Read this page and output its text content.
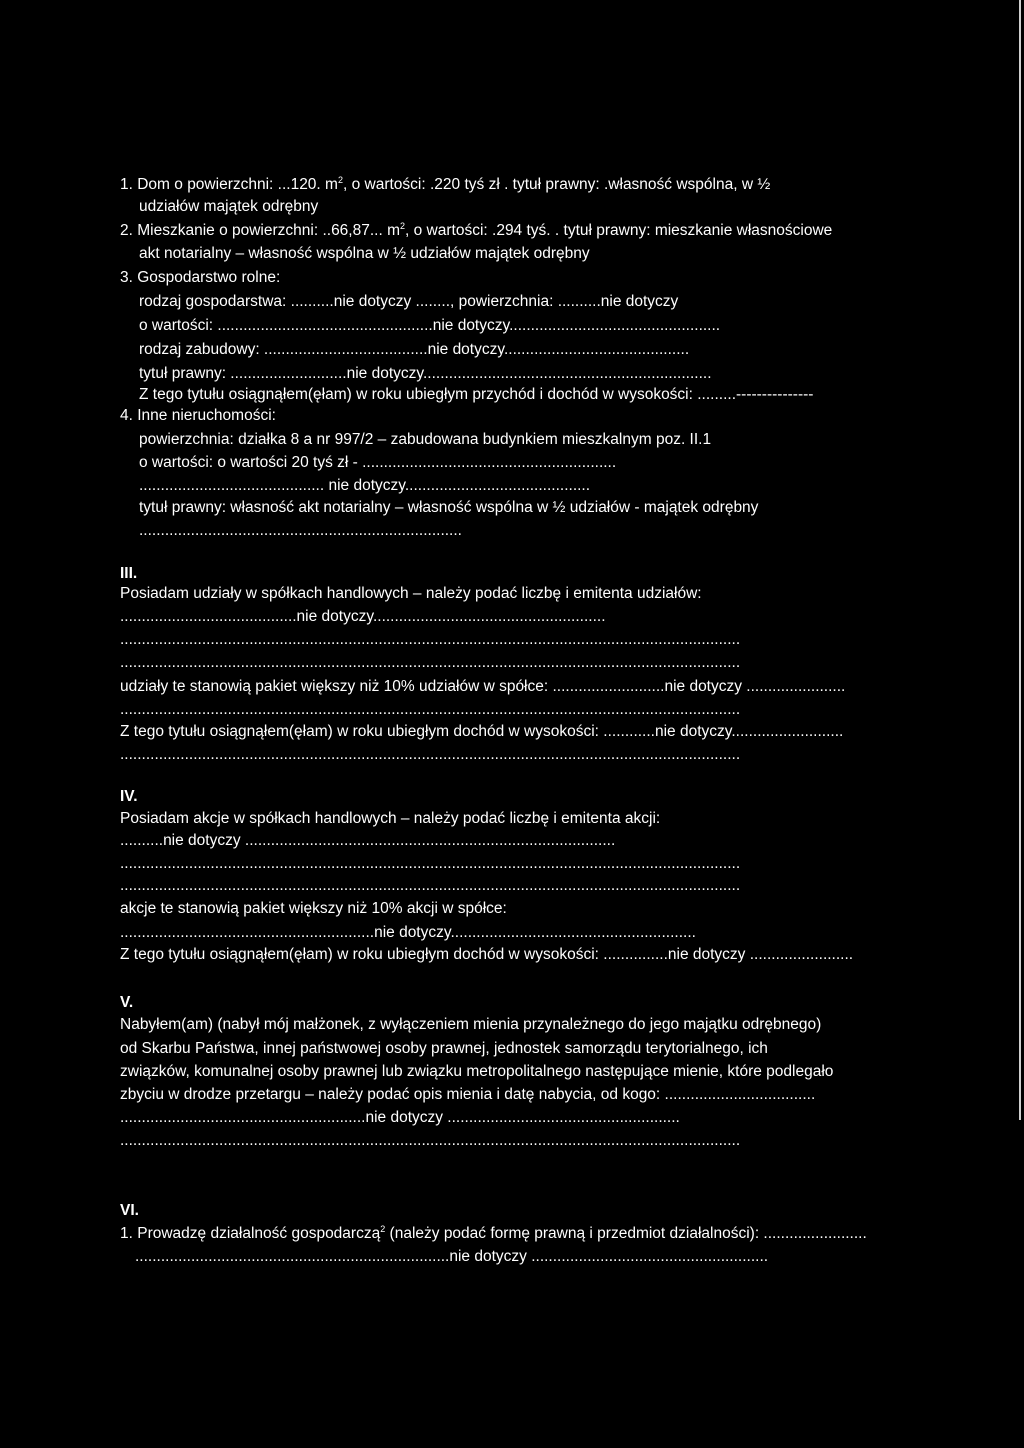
1. Dom o powierzchni: ...120. $m^2$, o wartości: .220 tyś zł . tytuł prawny: .własność wspólna, w ½
udziałów majątek odrębny
2. Mieszkanie o powierzchni: ..66,87... $m^2$, o wartości: .294 tyś. . tytuł prawny: mieszkanie własnościowe
akt notarialny – własność wspólna w ½ udziałów majątek odrębny
3. Gospodarstwo rolne:
rodzaj gospodarstwa: ..........nie dotyczy ........, powierzchnia: ..........nie dotyczy
o wartości: ..................................................nie dotyczy.................................................
rodzaj zabudowy: ......................................nie dotyczy...........................................
tytuł prawny: ...........................nie dotyczy...................................................................
Z tego tytułu osiągnąłem(ęłam) w roku ubiegłym przychód i dochód w wysokości: .........---------------
4. Inne nieruchomości:
powierzchnia: działka 8 a nr 997/2 – zabudowana budynkiem mieszkalnym poz. II.1
o wartości: o wartości 20 tyś zł - ...........................................................
........................................... nie dotyczy...........................................
tytuł prawny: własność akt notarialny – własność wspólna w ½ udziałów - majątek odrębny
...........................................................................
III.
Posiadam udziały w spółkach handlowych – należy podać liczbę i emitenta udziałów:
.........................................nie dotyczy......................................................
................................................................................................................................................
................................................................................................................................................
udziały te stanowią pakiet większy niż 10% udziałów w spółce: ..........................nie dotyczy .......................
................................................................................................................................................
Z tego tytułu osiągnąłem(ęłam) w roku ubiegłym dochód w wysokości: ............nie dotyczy..........................
................................................................................................................................................
IV.
Posiadam akcje w spółkach handlowych – należy podać liczbę i emitenta akcji:
..........nie dotyczy ......................................................................................
................................................................................................................................................
................................................................................................................................................
akcje te stanowią pakiet większy niż 10% akcji w spółce:
...........................................................nie dotyczy.........................................................
Z tego tytułu osiągnąłem(ęłam) w roku ubiegłym dochód w wysokości: ...............nie dotyczy ........................
V.
Nabyłem(am) (nabył mój małżonek, z wyłączeniem mienia przynależnego do jego majątku odrębnego)
od Skarbu Państwa, innej państwowej osoby prawnej, jednostek samorządu terytorialnego, ich
związków, komunalnej osoby prawnej lub związku metropolitalnego następujące mienie, które podlegało
zbyciu w drodze przetargu – należy podać opis mienia i datę nabycia, od kogo: ...................................
.........................................................nie dotyczy ......................................................
................................................................................................................................................
VI.
1. Prowadzę działalność gospodarczą$^2$ (należy podać formę prawną i przedmiot działalności): ........................
.........................................................................nie dotyczy .......................................................
